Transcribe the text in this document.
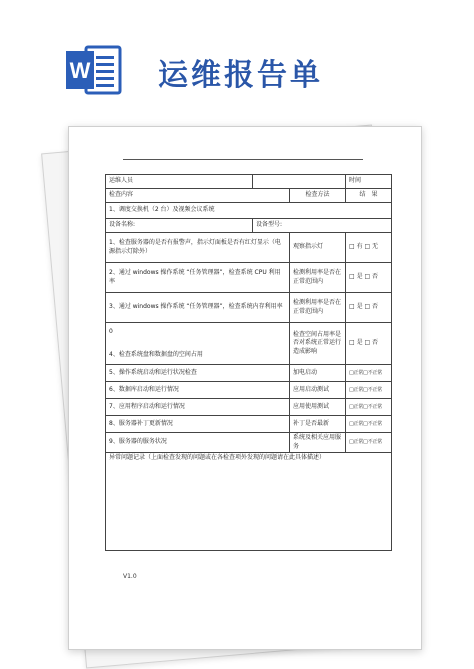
W 运维报告单
运维人员			时间
检查内容		检查方法	结　果
1、调度交换机（2 台）及视频会议系统			
设备名称:	设备型号:		
1、检查服务器的是否有报警声，指示灯面板是否有红灯显示（电源指示灯除外）		观察指示灯	□ 有 □ 无
2、通过 windows 操作系统 “任务管理器”，检查系统 CPU 利用率		检测利用率是否在正常范围内	□ 是 □ 否
3、通过 windows 操作系统 “任务管理器”，检查系统内存利用率		检测利用率是否在正常范围内	□ 是 □ 否

0
4、检查系统盘和数据盘的空间占用		检查空间占用率是否对系统正常运行造成影响	□ 是 □ 否
5、操作系统启动和运行状况检查		加电启动	□正常□不正常
6、数据库启动和运行情况		应用启动测试	□正常□不正常
7、应用程序启动和运行情况		应用使用测试	□正常□不正常
8、服务器补丁更新情况		补丁是否最新	□正常□不正常
9、服务器的服务状况		系统及相关应用服务	□正常□不正常
异常问题记录（上面检查发现的问题或在各检查项外发现的问题请在此具体描述）			
V1.0
